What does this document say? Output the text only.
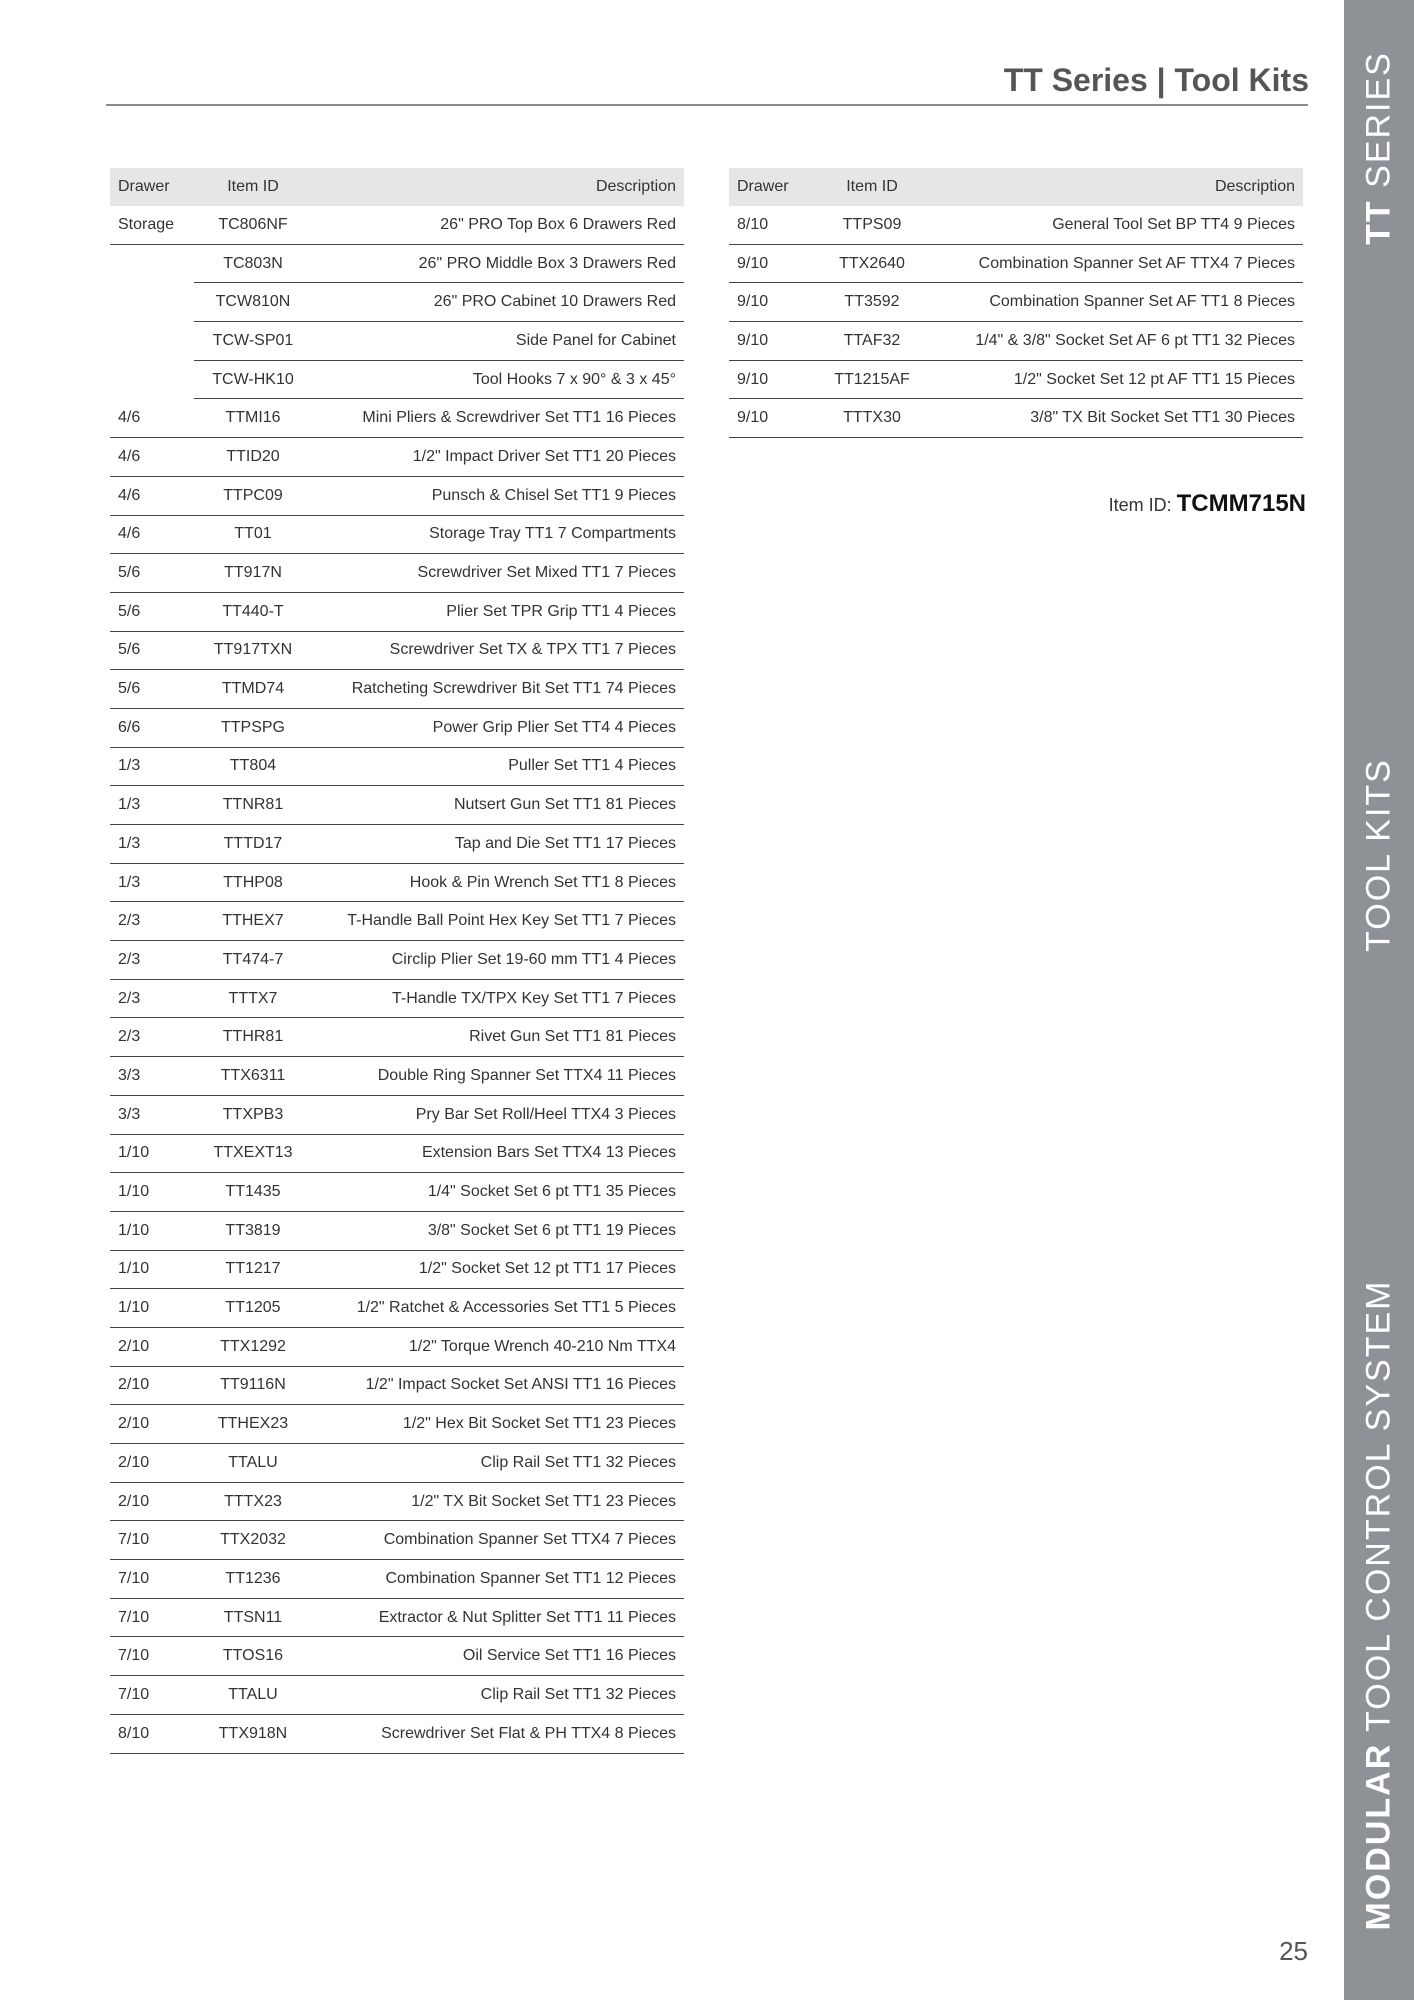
TT Series | Tool Kits
Drawer	Item ID	Description
Storage	TC806NF	26" PRO Top Box 6 Drawers Red
	TC803N	26" PRO Middle Box 3 Drawers Red
	TCW810N	26" PRO Cabinet 10 Drawers Red
	TCW-SP01	Side Panel for Cabinet
	TCW-HK10	Tool Hooks 7 x 90° & 3 x 45°
4/6	TTMI16	Mini Pliers & Screwdriver Set TT1 16 Pieces
4/6	TTID20	1/2" Impact Driver Set TT1 20 Pieces
4/6	TTPC09	Punsch & Chisel Set TT1 9 Pieces
4/6	TT01	Storage Tray TT1 7 Compartments
5/6	TT917N	Screwdriver Set Mixed TT1 7 Pieces
5/6	TT440-T	Plier Set TPR Grip TT1 4 Pieces
5/6	TT917TXN	Screwdriver Set TX & TPX TT1 7 Pieces
5/6	TTMD74	Ratcheting Screwdriver Bit Set TT1 74 Pieces
6/6	TTPSPG	Power Grip Plier Set TT4 4 Pieces
1/3	TT804	Puller Set TT1 4 Pieces
1/3	TTNR81	Nutsert Gun Set TT1 81 Pieces
1/3	TTTD17	Tap and Die Set TT1 17 Pieces
1/3	TTHP08	Hook & Pin Wrench Set TT1 8 Pieces
2/3	TTHEX7	T-Handle Ball Point Hex Key Set TT1 7 Pieces
2/3	TT474-7	Circlip Plier Set 19-60 mm TT1 4 Pieces
2/3	TTTX7	T-Handle TX/TPX Key Set TT1 7 Pieces
2/3	TTHR81	Rivet Gun Set TT1 81 Pieces
3/3	TTX6311	Double Ring Spanner Set TTX4 11 Pieces
3/3	TTXPB3	Pry Bar Set Roll/Heel TTX4 3 Pieces
1/10	TTXEXT13	Extension Bars Set TTX4 13 Pieces
1/10	TT1435	1/4" Socket Set 6 pt TT1 35 Pieces
1/10	TT3819	3/8" Socket Set 6 pt TT1 19 Pieces
1/10	TT1217	1/2" Socket Set 12 pt TT1 17 Pieces
1/10	TT1205	1/2" Ratchet & Accessories Set TT1 5 Pieces
2/10	TTX1292	1/2" Torque Wrench 40-210 Nm TTX4
2/10	TT9116N	1/2" Impact Socket Set ANSI TT1 16 Pieces
2/10	TTHEX23	1/2" Hex Bit Socket Set TT1 23 Pieces
2/10	TTALU	Clip Rail Set TT1 32 Pieces
2/10	TTTX23	1/2" TX Bit Socket Set TT1 23 Pieces
7/10	TTX2032	Combination Spanner Set TTX4 7 Pieces
7/10	TT1236	Combination Spanner Set TT1 12 Pieces
7/10	TTSN11	Extractor & Nut Splitter Set TT1 11 Pieces
7/10	TTOS16	Oil Service Set TT1 16 Pieces
7/10	TTALU	Clip Rail Set TT1 32 Pieces
8/10	TTX918N	Screwdriver Set Flat & PH TTX4 8 Pieces
Drawer	Item ID	Description
8/10	TTPS09	General Tool Set BP TT4 9 Pieces
9/10	TTX2640	Combination Spanner Set AF TTX4 7 Pieces
9/10	TT3592	Combination Spanner Set AF TT1 8 Pieces
9/10	TTAF32	1/4" & 3/8" Socket Set AF 6 pt TT1 32 Pieces
9/10	TT1215AF	1/2" Socket Set 12 pt AF TT1 15 Pieces
9/10	TTTX30	3/8" TX Bit Socket Set TT1 30 Pieces
Item ID: TCMM715N
TT SERIES
TOOL KITS
MODULAR TOOL CONTROL SYSTEM
25
